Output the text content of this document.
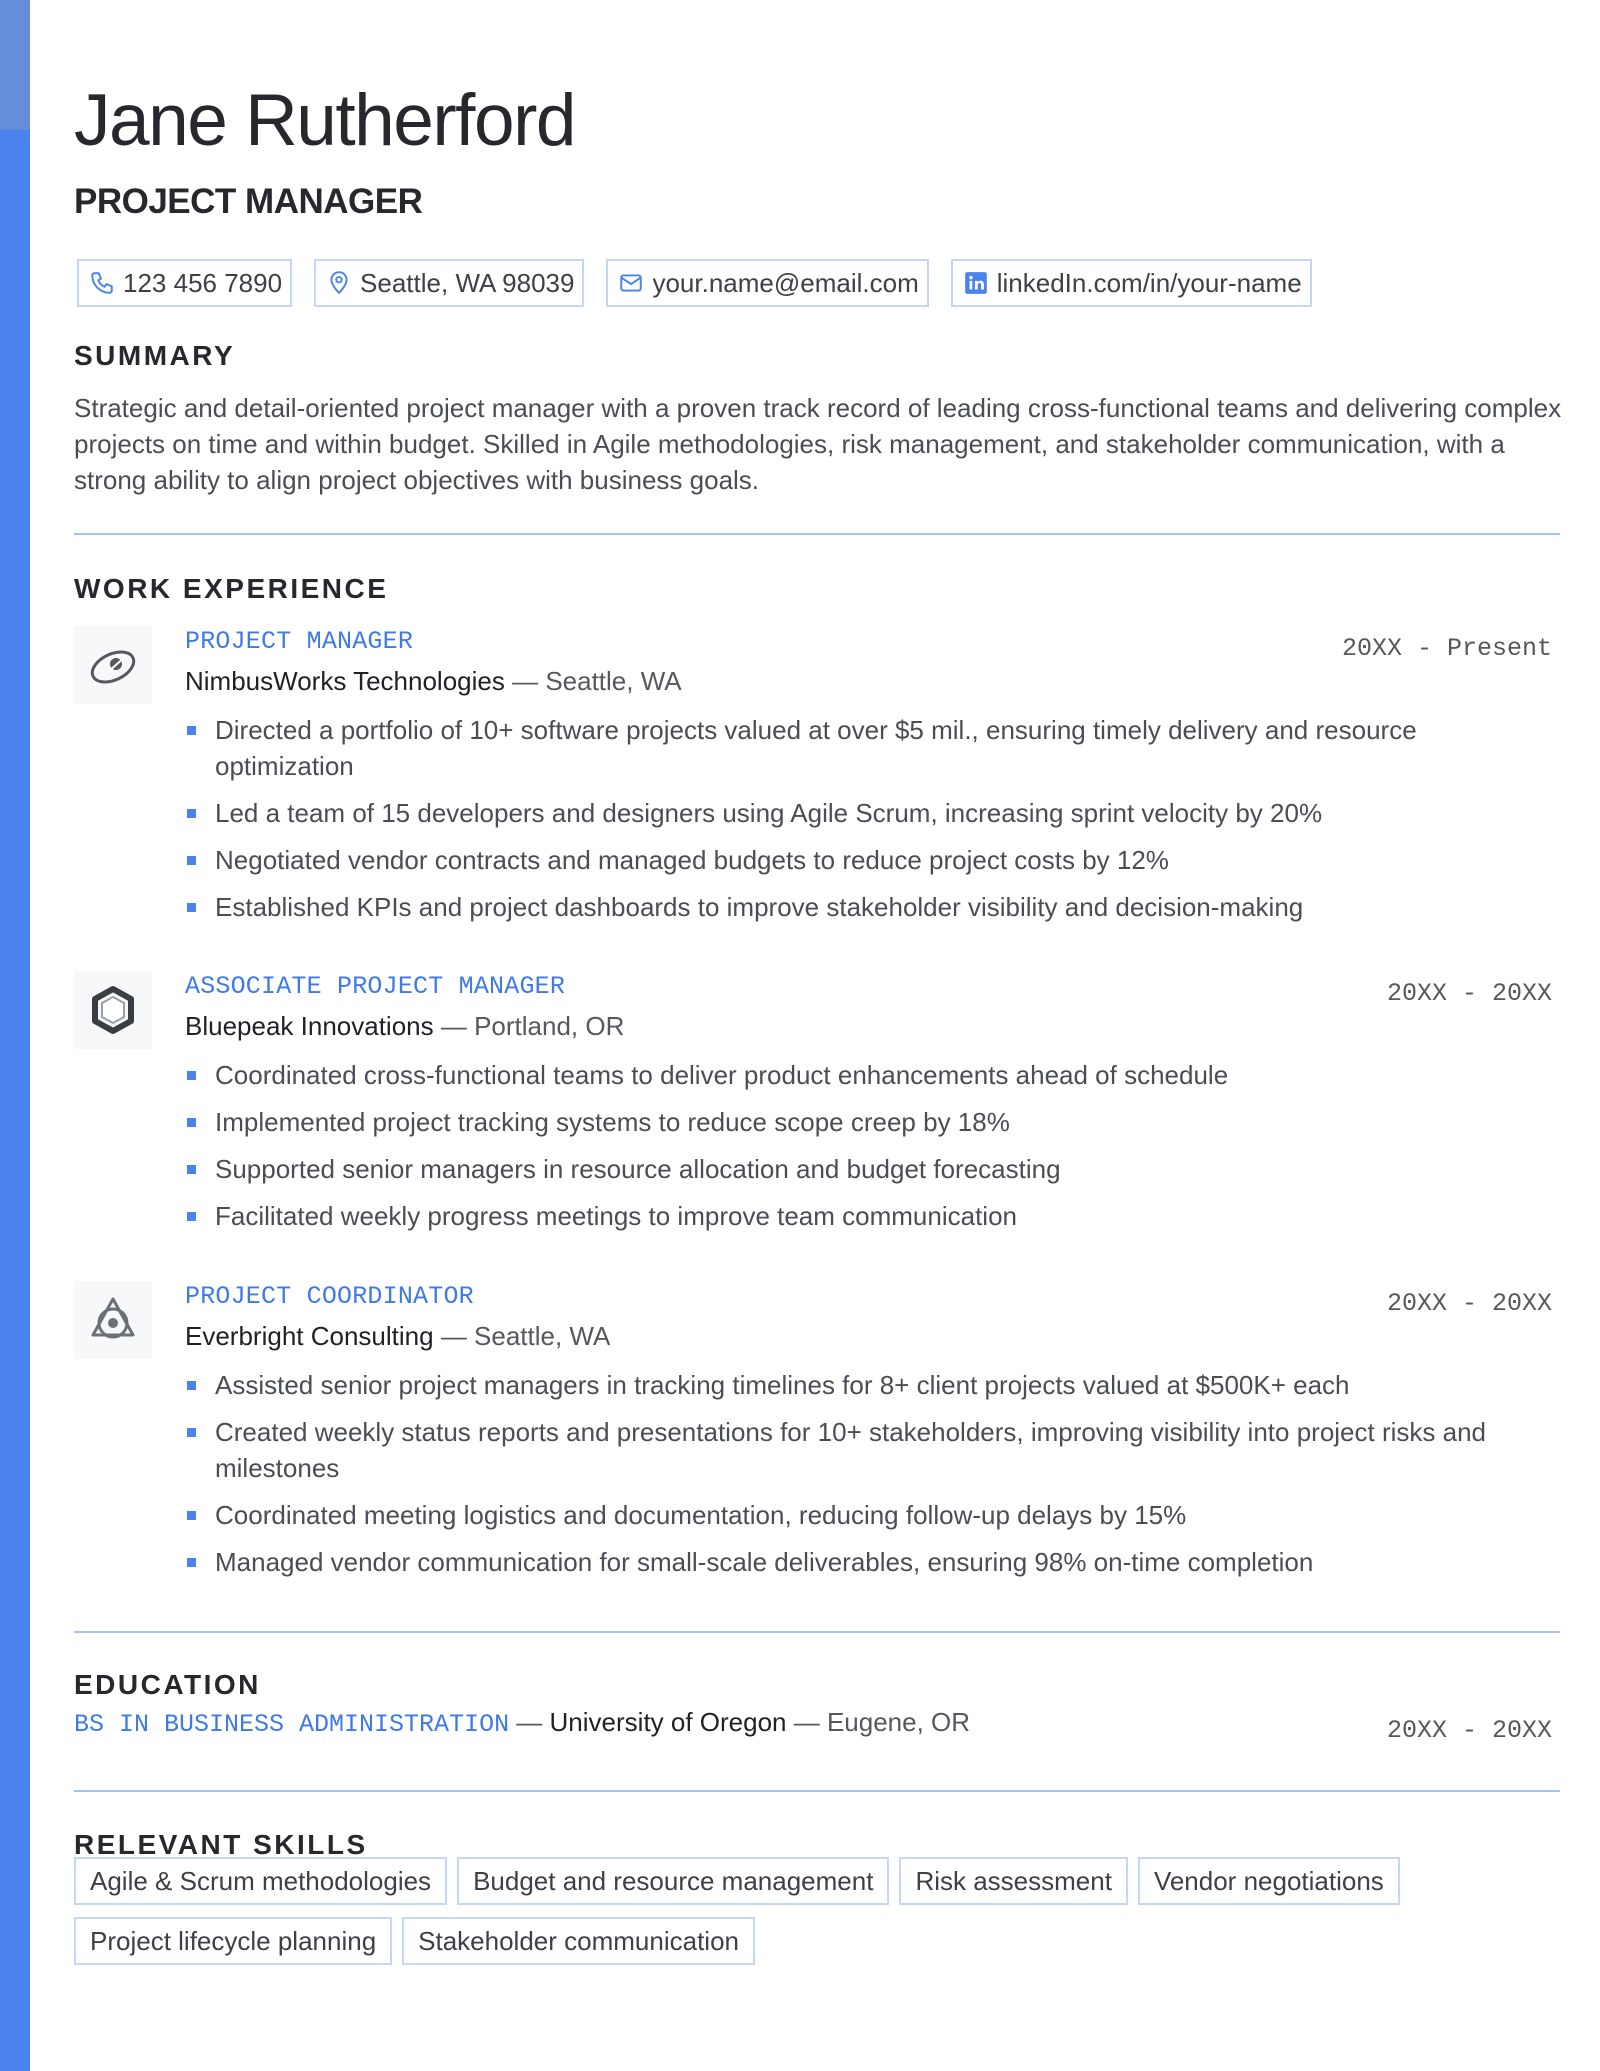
Jane Rutherford
PROJECT MANAGER
123 456 7890	Seattle, WA 98039	your.name@email.com	linkedIn.com/in/your-name
SUMMARY

Strategic and detail-oriented project manager with a proven track record of leading cross-functional teams and delivering complex projects on time and within budget. Skilled in Agile methodologies, risk management, and stakeholder communication, with a strong ability to align project objectives with business goals.

WORK EXPERIENCE

PROJECT MANAGER	20XX - Present

NimbusWorks Technologies — Seattle, WA

Directed a portfolio of 10+ software projects valued at over $5 mil., ensuring timely delivery and resource optimization
Led a team of 15 developers and designers using Agile Scrum, increasing sprint velocity by 20%
Negotiated vendor contracts and managed budgets to reduce project costs by 12%
Established KPIs and project dashboards to improve stakeholder visibility and decision-making

ASSOCIATE PROJECT MANAGER	20XX - 20XX

Bluepeak Innovations — Portland, OR

Coordinated cross-functional teams to deliver product enhancements ahead of schedule
Implemented project tracking systems to reduce scope creep by 18%
Supported senior managers in resource allocation and budget forecasting
Facilitated weekly progress meetings to improve team communication

PROJECT COORDINATOR	20XX - 20XX

Everbright Consulting — Seattle, WA

Assisted senior project managers in tracking timelines for 8+ client projects valued at $500K+ each
Created weekly status reports and presentations for 10+ stakeholders, improving visibility into project risks and milestones
Coordinated meeting logistics and documentation, reducing follow-up delays by 15%
Managed vendor communication for small-scale deliverables, ensuring 98% on-time completion
EDUCATION

BS IN BUSINESS ADMINISTRATION — University of Oregon — Eugene, OR	20XX - 20XX
RELEVANT SKILLS
Agile & Scrum methodologies	Budget and resource management	Risk assessment	Vendor negotiations
Project lifecycle planning	Stakeholder communication
